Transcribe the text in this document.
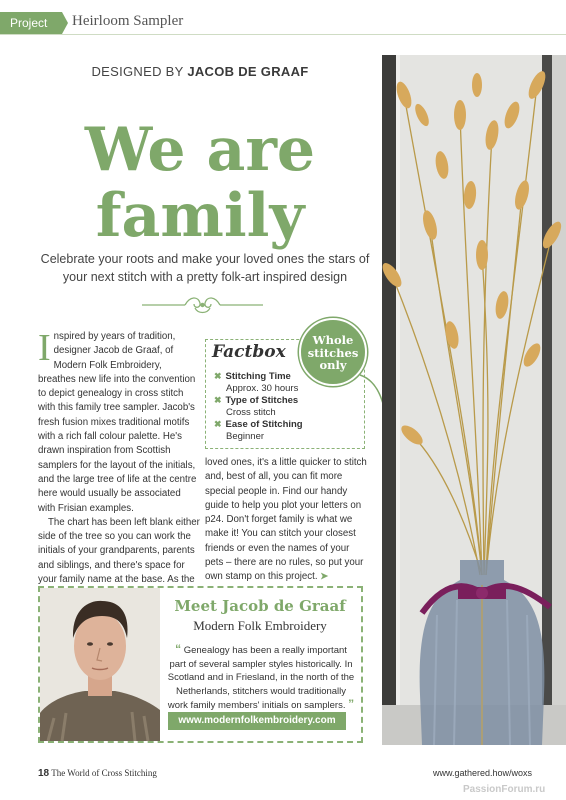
Project	Heirloom Sampler
DESIGNED BY JACOB DE GRAAF
We are
family
Celebrate your roots and make your loved ones the stars of your next stitch with a pretty folk-art inspired design

Inspired by years of tradition, designer Jacob de Graaf, of Modern Folk Embroidery, breathes new life into the convention to depict genealogy in cross stitch with this family tree sampler. Jacob's fresh fusion mixes traditional motifs with a rich fall colour palette. He's drawn inspiration from Scottish samplers for the layout of the initials, and the large tree of life at the centre here would usually be associated with Frisian examples.

The chart has been left blank either side of the tree so you can work the initials of your grandparents, parents and siblings, and there's space for your family name at the base. As the

Factbox
✖ Stitching Time
Approx. 30 hours
✖ Type of Stitches
Cross stitch
✖ Ease of Stitching
Beginner
Whole
stitches
only

loved ones, it's a little quicker to stitch and, best of all, you can fit more special people in. Find our handy guide to help you plot your letters on p24. Don't forget family is what we make it! You can stitch your closest friends or even the names of your pets – there are no rules, so put your own stamp on this project. ➤

Meet Jacob de Graaf
Modern Folk Embroidery
“ Genealogy has been a really important part of several sampler styles historically. In Scotland and in Friesland, in the north of the Netherlands, stitchers would traditionally work family members' initials on samplers. ”
www.modernfolkembroidery.com
18 The World of Cross Stitching	www.gathered.how/woxs
PassionForum.ru
